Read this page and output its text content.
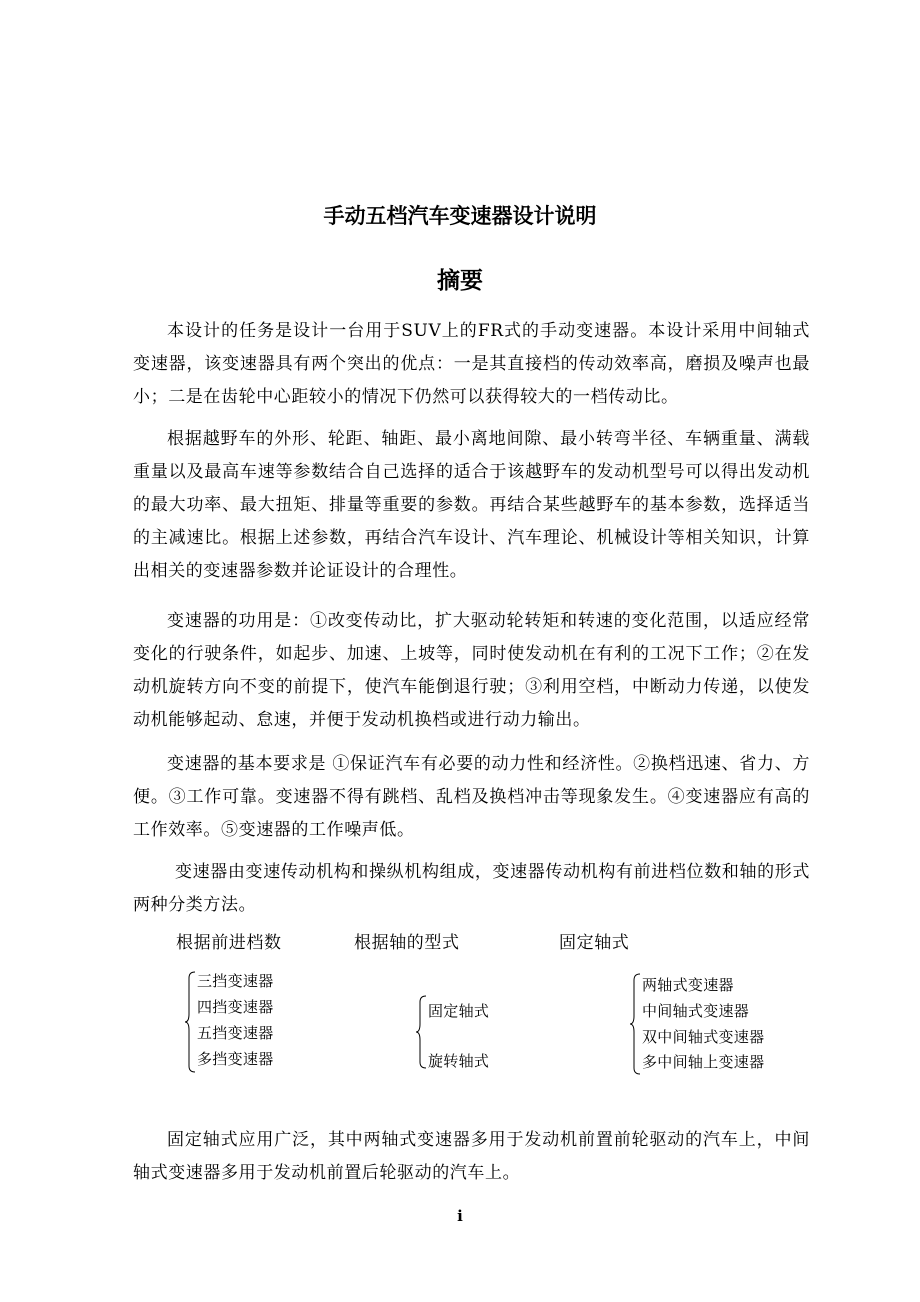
手动五档汽车变速器设计说明
摘要

本设计的任务是设计一台用于SUV上的FR式的手动变速器。本设计采用中间轴式变速器，该变速器具有两个突出的优点：一是其直接档的传动效率高，磨损及噪声也最小；二是在齿轮中心距较小的情况下仍然可以获得较大的一档传动比。

根据越野车的外形、轮距、轴距、最小离地间隙、最小转弯半径、车辆重量、满载重量以及最高车速等参数结合自己选择的适合于该越野车的发动机型号可以得出发动机的最大功率、最大扭矩、排量等重要的参数。再结合某些越野车的基本参数，选择适当的主减速比。根据上述参数，再结合汽车设计、汽车理论、机械设计等相关知识，计算出相关的变速器参数并论证设计的合理性。

变速器的功用是：①改变传动比，扩大驱动轮转矩和转速的变化范围，以适应经常变化的行驶条件，如起步、加速、上坡等，同时使发动机在有利的工况下工作；②在发动机旋转方向不变的前提下，使汽车能倒退行驶；③利用空档，中断动力传递，以使发动机能够起动、怠速，并便于发动机换档或进行动力输出。

变速器的基本要求是 ①保证汽车有必要的动力性和经济性。②换档迅速、省力、方便。③工作可靠。变速器不得有跳档、乱档及换档冲击等现象发生。④变速器应有高的工作效率。⑤变速器的工作噪声低。

变速器由变速传动机构和操纵机构组成，变速器传动机构有前进档位数和轴的形式两种分类方法。

根据前进档数	根据轴的型式	固定轴式
三挡变速器
四挡变速器
五挡变速器
多挡变速器
固定轴式
旋转轴式
两轴式变速器
中间轴式变速器
双中间轴式变速器
多中间轴上变速器

固定轴式应用广泛，其中两轴式变速器多用于发动机前置前轮驱动的汽车上，中间轴式变速器多用于发动机前置后轮驱动的汽车上。

i
